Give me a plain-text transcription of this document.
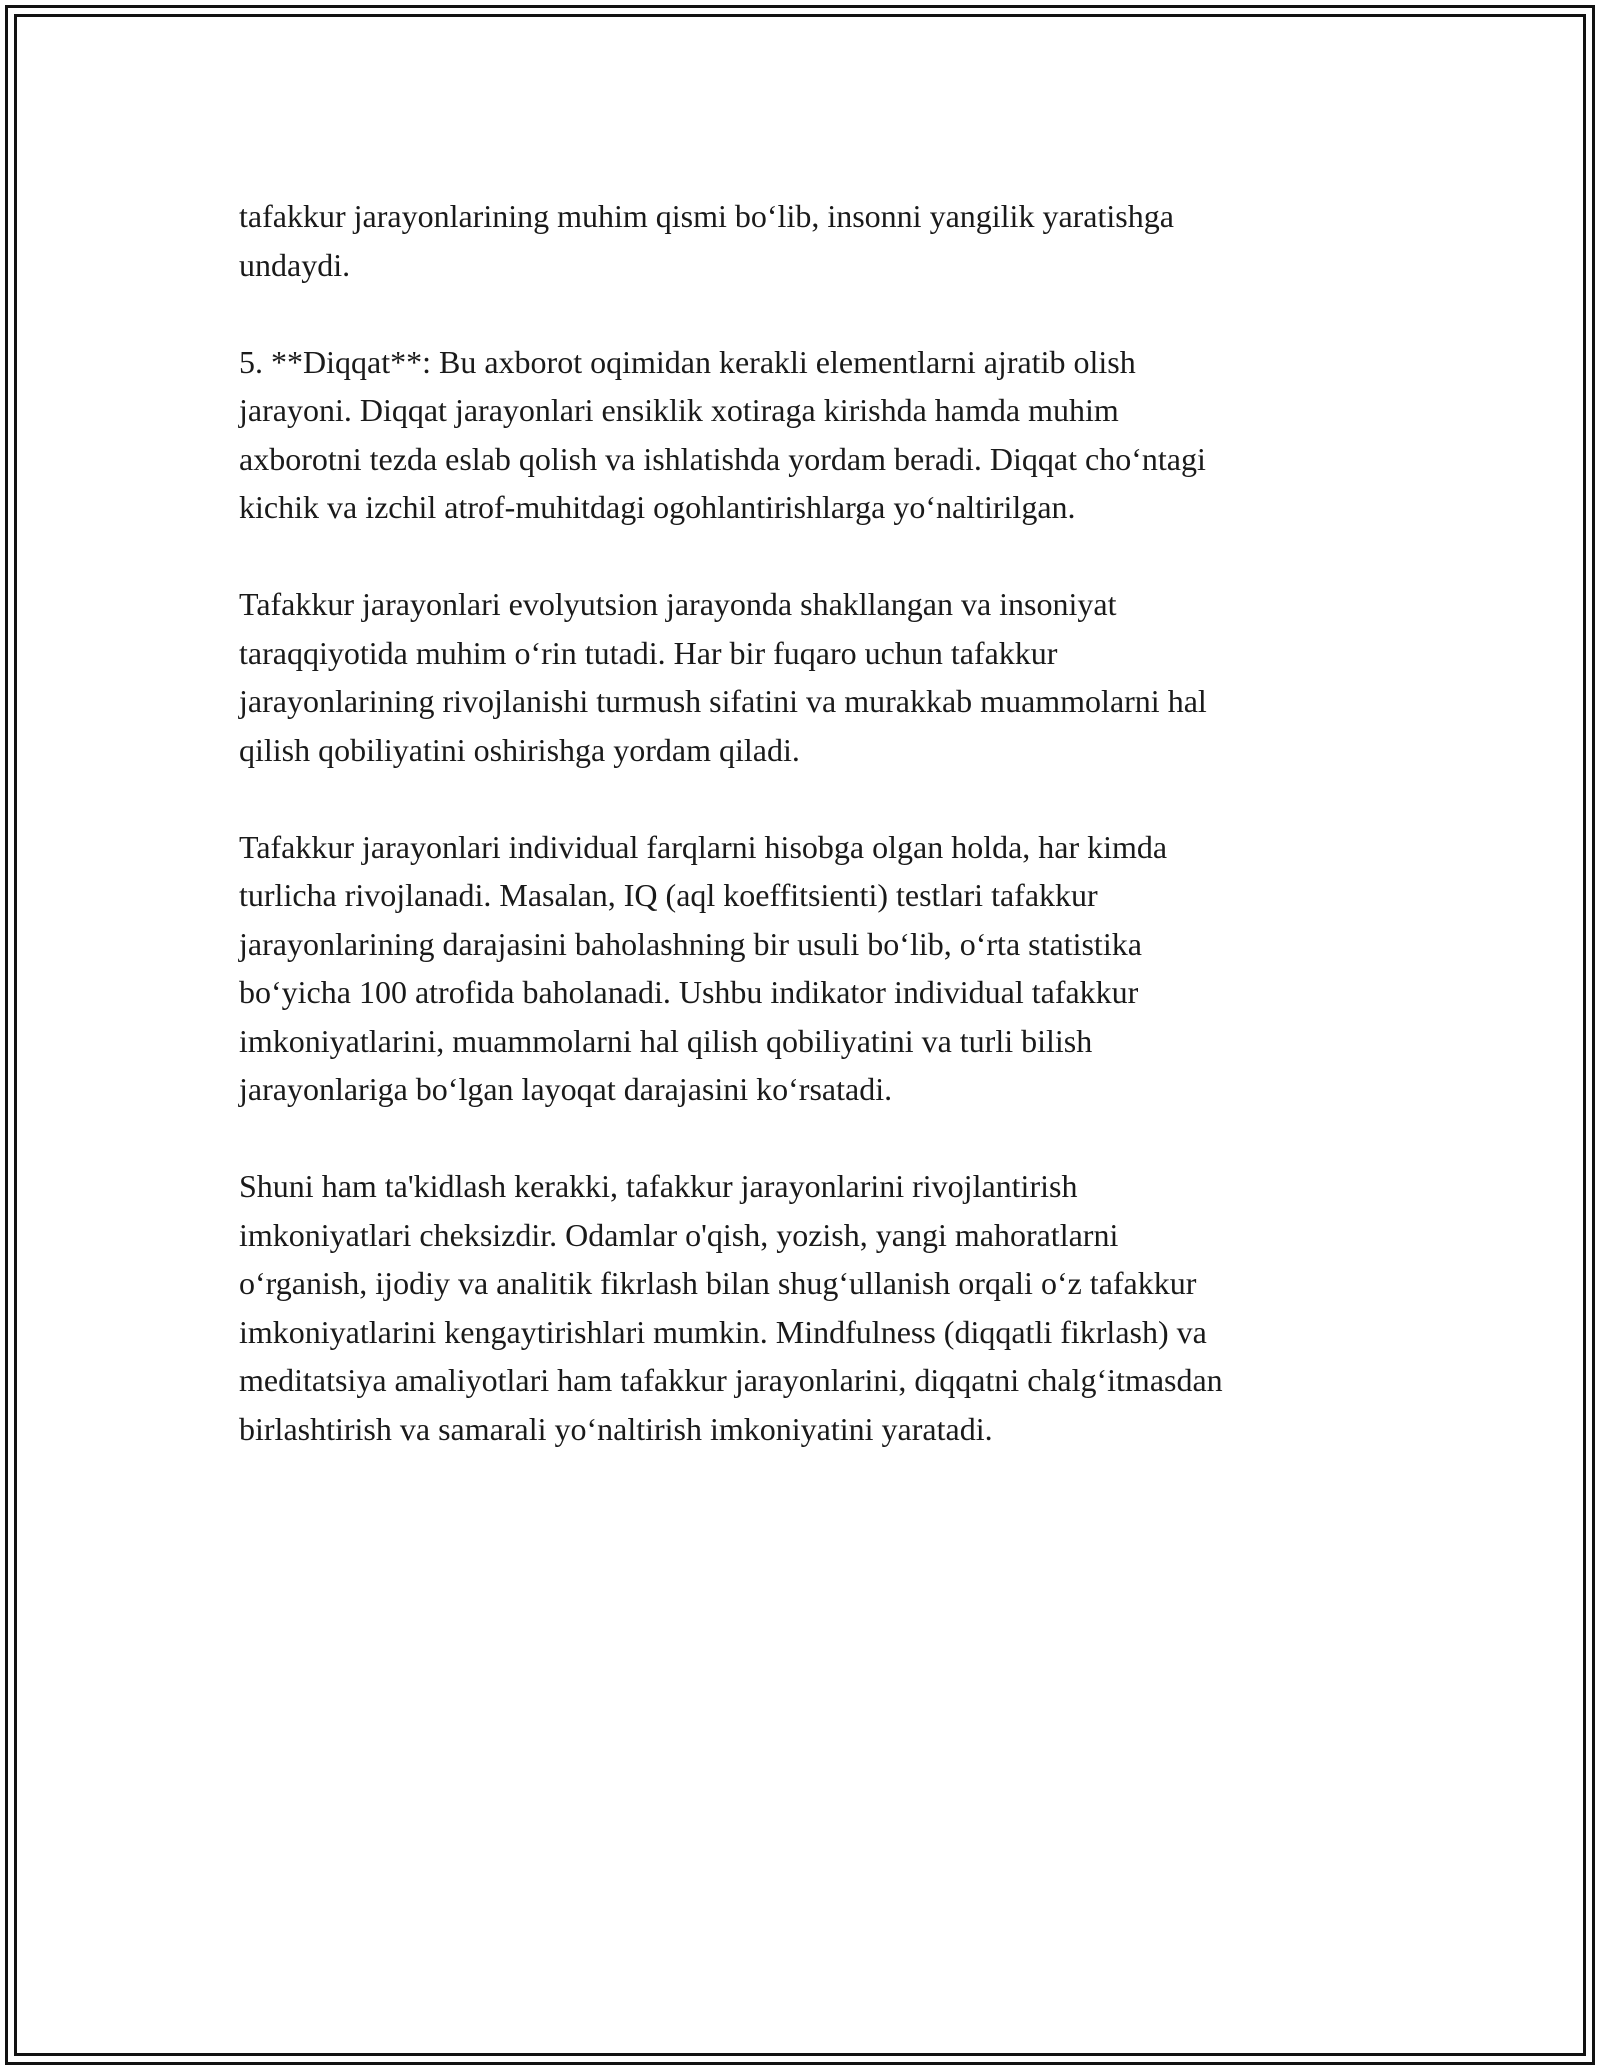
tafakkur jarayonlarining muhim qismi bo‘lib, insonni yangilik yaratishga
undaydi.

5. **Diqqat**: Bu axborot oqimidan kerakli elementlarni ajratib olish
jarayoni. Diqqat jarayonlari ensiklik xotiraga kirishda hamda muhim
axborotni tezda eslab qolish va ishlatishda yordam beradi. Diqqat cho‘ntagi
kichik va izchil atrof-muhitdagi ogohlantirishlarga yo‘naltirilgan.

Tafakkur jarayonlari evolyutsion jarayonda shakllangan va insoniyat
taraqqiyotida muhim o‘rin tutadi. Har bir fuqaro uchun tafakkur
jarayonlarining rivojlanishi turmush sifatini va murakkab muammolarni hal
qilish qobiliyatini oshirishga yordam qiladi.

Tafakkur jarayonlari individual farqlarni hisobga olgan holda, har kimda
turlicha rivojlanadi. Masalan, IQ (aql koeffitsienti) testlari tafakkur
jarayonlarining darajasini baholashning bir usuli bo‘lib, o‘rta statistika
bo‘yicha 100 atrofida baholanadi. Ushbu indikator individual tafakkur
imkoniyatlarini, muammolarni hal qilish qobiliyatini va turli bilish
jarayonlariga bo‘lgan layoqat darajasini ko‘rsatadi.

Shuni ham ta'kidlash kerakki, tafakkur jarayonlarini rivojlantirish
imkoniyatlari cheksizdir. Odamlar o'qish, yozish, yangi mahoratlarni
o‘rganish, ijodiy va analitik fikrlash bilan shug‘ullanish orqali o‘z tafakkur
imkoniyatlarini kengaytirishlari mumkin. Mindfulness (diqqatli fikrlash) va
meditatsiya amaliyotlari ham tafakkur jarayonlarini, diqqatni chalg‘itmasdan
birlashtirish va samarali yo‘naltirish imkoniyatini yaratadi.
